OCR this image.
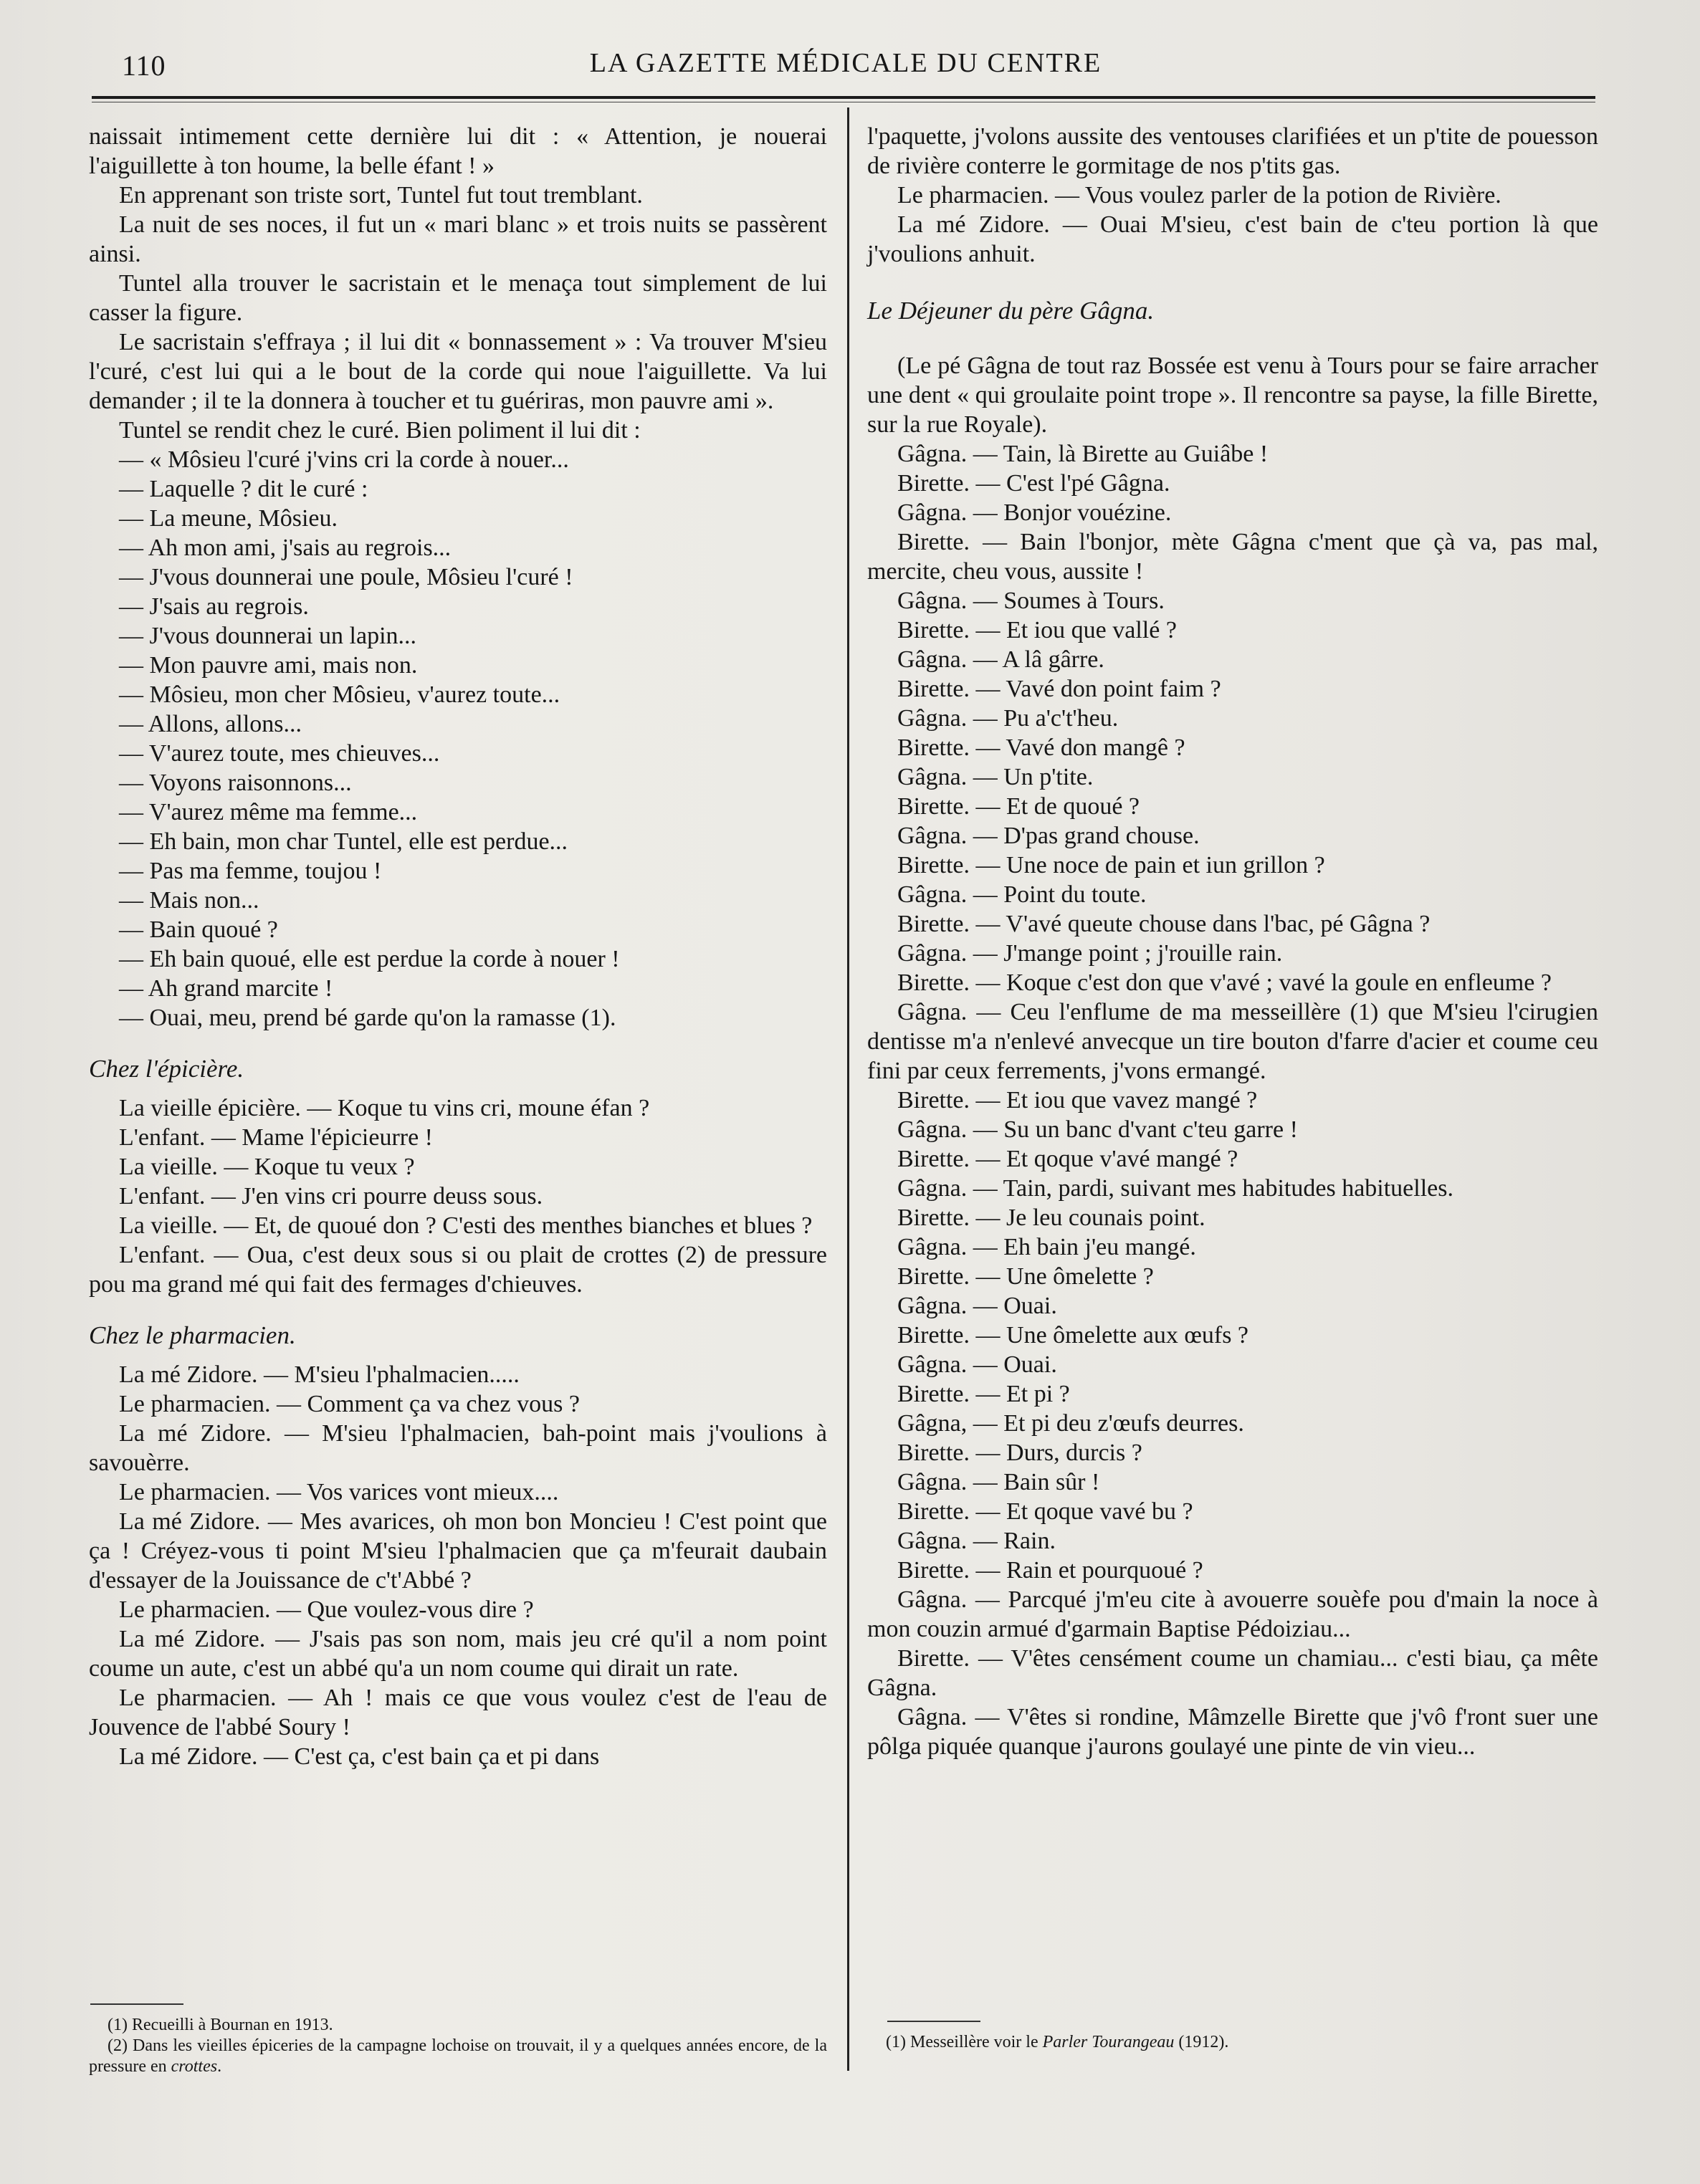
110	LA GAZETTE MÉDICALE DU CENTRE

naissait intimement cette dernière lui dit : « Attention, je nouerai l'aiguillette à ton houme, la belle éfant ! »

En apprenant son triste sort, Tuntel fut tout tremblant.

La nuit de ses noces, il fut un « mari blanc » et trois nuits se passèrent ainsi.

Tuntel alla trouver le sacristain et le menaça tout simplement de lui casser la figure.

Le sacristain s'effraya ; il lui dit « bonnassement » : Va trouver M'sieu l'curé, c'est lui qui a le bout de la corde qui noue l'aiguillette. Va lui demander ; il te la donnera à toucher et tu guériras, mon pauvre ami ».

Tuntel se rendit chez le curé. Bien poliment il lui dit :

— « Môsieu l'curé j'vins cri la corde à nouer...

— Laquelle ? dit le curé :

— La meune, Môsieu.

— Ah mon ami, j'sais au regrois...

— J'vous dounnerai une poule, Môsieu l'curé !

— J'sais au regrois.

— J'vous dounnerai un lapin...

— Mon pauvre ami, mais non.

— Môsieu, mon cher Môsieu, v'aurez toute...

— Allons, allons...

— V'aurez toute, mes chieuves...

— Voyons raisonnons...

— V'aurez même ma femme...

— Eh bain, mon char Tuntel, elle est perdue...

— Pas ma femme, toujou !

— Mais non...

— Bain quoué ?

— Eh bain quoué, elle est perdue la corde à nouer !

— Ah grand marcite !

— Ouai, meu, prend bé garde qu'on la ramasse (1).

Chez l'épicière.

La vieille épicière. — Koque tu vins cri, moune éfan ?

L'enfant. — Mame l'épicieurre !

La vieille. — Koque tu veux ?

L'enfant. — J'en vins cri pourre deuss sous.

La vieille. — Et, de quoué don ? C'esti des menthes bianches et blues ?

L'enfant. — Oua, c'est deux sous si ou plait de crottes (2) de pressure pou ma grand mé qui fait des fermages d'chieuves.

Chez le pharmacien.

La mé Zidore. — M'sieu l'phalmacien.....

Le pharmacien. — Comment ça va chez vous ?

La mé Zidore. — M'sieu l'phalmacien, bah-point mais j'voulions à savouèrre.

Le pharmacien. — Vos varices vont mieux....

La mé Zidore. — Mes avarices, oh mon bon Moncieu ! C'est point que ça ! Créyez-vous ti point M'sieu l'phalmacien que ça m'feurait daubain d'essayer de la Jouissance de c't'Abbé ?

Le pharmacien. — Que voulez-vous dire ?

La mé Zidore. — J'sais pas son nom, mais jeu cré qu'il a nom point coume un aute, c'est un abbé qu'a un nom coume qui dirait un rate.

Le pharmacien. — Ah ! mais ce que vous voulez c'est de l'eau de Jouvence de l'abbé Soury !

La mé Zidore. — C'est ça, c'est bain ça et pi dans

(1) Recueilli à Bournan en 1913.

(2) Dans les vieilles épiceries de la campagne lochoise on trouvait, il y a quelques années encore, de la pressure en crottes.

l'paquette, j'volons aussite des ventouses clarifiées et un p'tite de pouesson de rivière conterre le gormitage de nos p'tits gas.

Le pharmacien. — Vous voulez parler de la potion de Rivière.

La mé Zidore. — Ouai M'sieu, c'est bain de c'teu portion là que j'voulions anhuit.

Le Déjeuner du père Gâgna.

(Le pé Gâgna de tout raz Bossée est venu à Tours pour se faire arracher une dent « qui groulaite point trope ». Il rencontre sa payse, la fille Birette, sur la rue Royale).

Gâgna. — Tain, là Birette au Guiâbe !

Birette. — C'est l'pé Gâgna.

Gâgna. — Bonjor vouézine.

Birette. — Bain l'bonjor, mète Gâgna c'ment que çà va, pas mal, mercite, cheu vous, aussite !

Gâgna. — Soumes à Tours.

Birette. — Et iou que vallé ?

Gâgna. — A lâ gârre.

Birette. — Vavé don point faim ?

Gâgna. — Pu a'c't'heu.

Birette. — Vavé don mangê ?

Gâgna. — Un p'tite.

Birette. — Et de quoué ?

Gâgna. — D'pas grand chouse.

Birette. — Une noce de pain et iun grillon ?

Gâgna. — Point du toute.

Birette. — V'avé queute chouse dans l'bac, pé Gâgna ?

Gâgna. — J'mange point ; j'rouille rain.

Birette. — Koque c'est don que v'avé ; vavé la goule en enfleume ?

Gâgna. — Ceu l'enflume de ma messeillère (1) que M'sieu l'cirugien dentisse m'a n'enlevé anvecque un tire bouton d'farre d'acier et coume ceu fini par ceux ferrements, j'vons ermangé.

Birette. — Et iou que vavez mangé ?

Gâgna. — Su un banc d'vant c'teu garre !

Birette. — Et qoque v'avé mangé ?

Gâgna. — Tain, pardi, suivant mes habitudes habituelles.

Birette. — Je leu counais point.

Gâgna. — Eh bain j'eu mangé.

Birette. — Une ômelette ?

Gâgna. — Ouai.

Birette. — Une ômelette aux œufs ?

Gâgna. — Ouai.

Birette. — Et pi ?

Gâgna, — Et pi deu z'œufs deurres.

Birette. — Durs, durcis ?

Gâgna. — Bain sûr !

Birette. — Et qoque vavé bu ?

Gâgna. — Rain.

Birette. — Rain et pourquoué ?

Gâgna. — Parcqué j'm'eu cite à avouerre souèfe pou d'main la noce à mon couzin armué d'garmain Baptise Pédoiziau...

Birette. — V'êtes censément coume un chamiau... c'esti biau, ça mête Gâgna.

Gâgna. — V'êtes si rondine, Mâmzelle Birette que j'vô f'ront suer une pôlga piquée quanque j'aurons goulayé une pinte de vin vieu...

(1) Messeillère voir le Parler Tourangeau (1912).
